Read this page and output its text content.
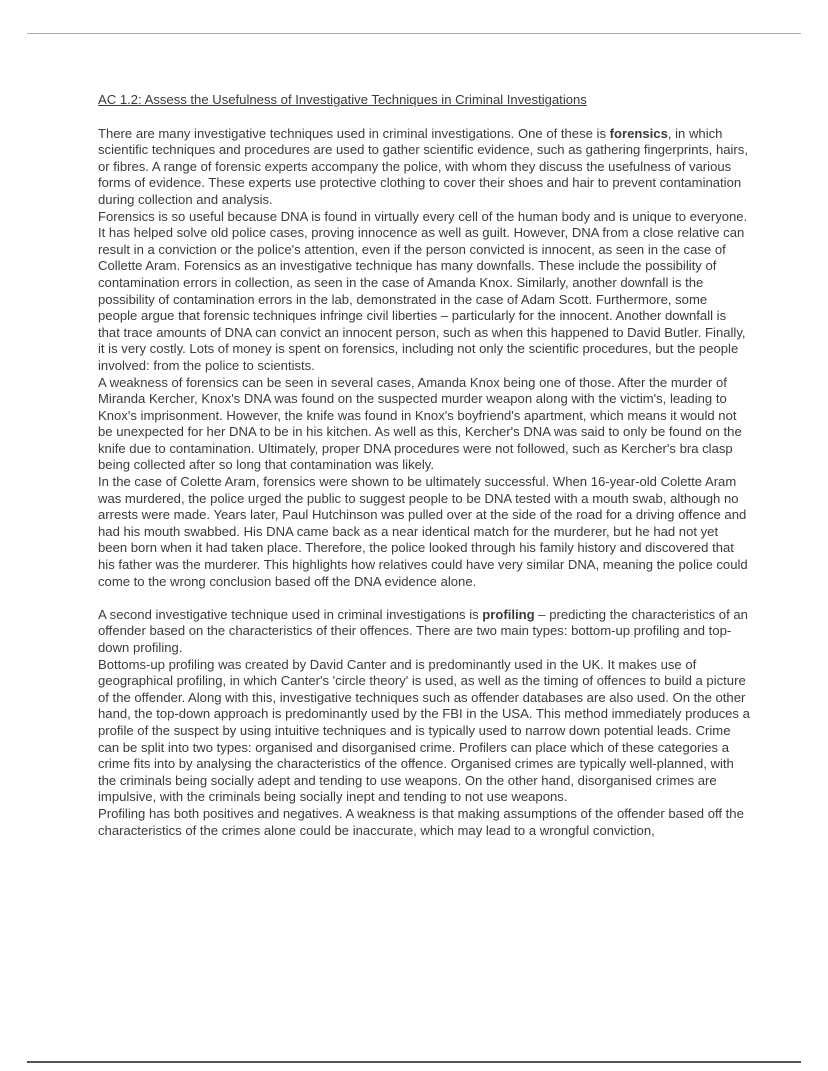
AC 1.2: Assess the Usefulness of Investigative Techniques in Criminal Investigations

There are many investigative techniques used in criminal investigations. One of these is forensics, in which scientific techniques and procedures are used to gather scientific evidence, such as gathering fingerprints, hairs, or fibres. A range of forensic experts accompany the police, with whom they discuss the usefulness of various forms of evidence. These experts use protective clothing to cover their shoes and hair to prevent contamination during collection and analysis.

Forensics is so useful because DNA is found in virtually every cell of the human body and is unique to everyone. It has helped solve old police cases, proving innocence as well as guilt. However, DNA from a close relative can result in a conviction or the police's attention, even if the person convicted is innocent, as seen in the case of Collette Aram. Forensics as an investigative technique has many downfalls. These include the possibility of contamination errors in collection, as seen in the case of Amanda Knox. Similarly, another downfall is the possibility of contamination errors in the lab, demonstrated in the case of Adam Scott. Furthermore, some people argue that forensic techniques infringe civil liberties – particularly for the innocent. Another downfall is that trace amounts of DNA can convict an innocent person, such as when this happened to David Butler. Finally, it is very costly. Lots of money is spent on forensics, including not only the scientific procedures, but the people involved: from the police to scientists.

A weakness of forensics can be seen in several cases, Amanda Knox being one of those. After the murder of Miranda Kercher, Knox's DNA was found on the suspected murder weapon along with the victim's, leading to Knox's imprisonment. However, the knife was found in Knox's boyfriend's apartment, which means it would not be unexpected for her DNA to be in his kitchen. As well as this, Kercher's DNA was said to only be found on the knife due to contamination. Ultimately, proper DNA procedures were not followed, such as Kercher's bra clasp being collected after so long that contamination was likely.

In the case of Colette Aram, forensics were shown to be ultimately successful. When 16-year-old Colette Aram was murdered, the police urged the public to suggest people to be DNA tested with a mouth swab, although no arrests were made. Years later, Paul Hutchinson was pulled over at the side of the road for a driving offence and had his mouth swabbed. His DNA came back as a near identical match for the murderer, but he had not yet been born when it had taken place. Therefore, the police looked through his family history and discovered that his father was the murderer. This highlights how relatives could have very similar DNA, meaning the police could come to the wrong conclusion based off the DNA evidence alone.

A second investigative technique used in criminal investigations is profiling – predicting the characteristics of an offender based on the characteristics of their offences. There are two main types: bottom-up profiling and top-down profiling.

Bottoms-up profiling was created by David Canter and is predominantly used in the UK. It makes use of geographical profiling, in which Canter's 'circle theory' is used, as well as the timing of offences to build a picture of the offender. Along with this, investigative techniques such as offender databases are also used. On the other hand, the top-down approach is predominantly used by the FBI in the USA. This method immediately produces a profile of the suspect by using intuitive techniques and is typically used to narrow down potential leads. Crime can be split into two types: organised and disorganised crime. Profilers can place which of these categories a crime fits into by analysing the characteristics of the offence. Organised crimes are typically well-planned, with the criminals being socially adept and tending to use weapons. On the other hand, disorganised crimes are impulsive, with the criminals being socially inept and tending to not use weapons.

Profiling has both positives and negatives. A weakness is that making assumptions of the offender based off the characteristics of the crimes alone could be inaccurate, which may lead to a wrongful conviction,
